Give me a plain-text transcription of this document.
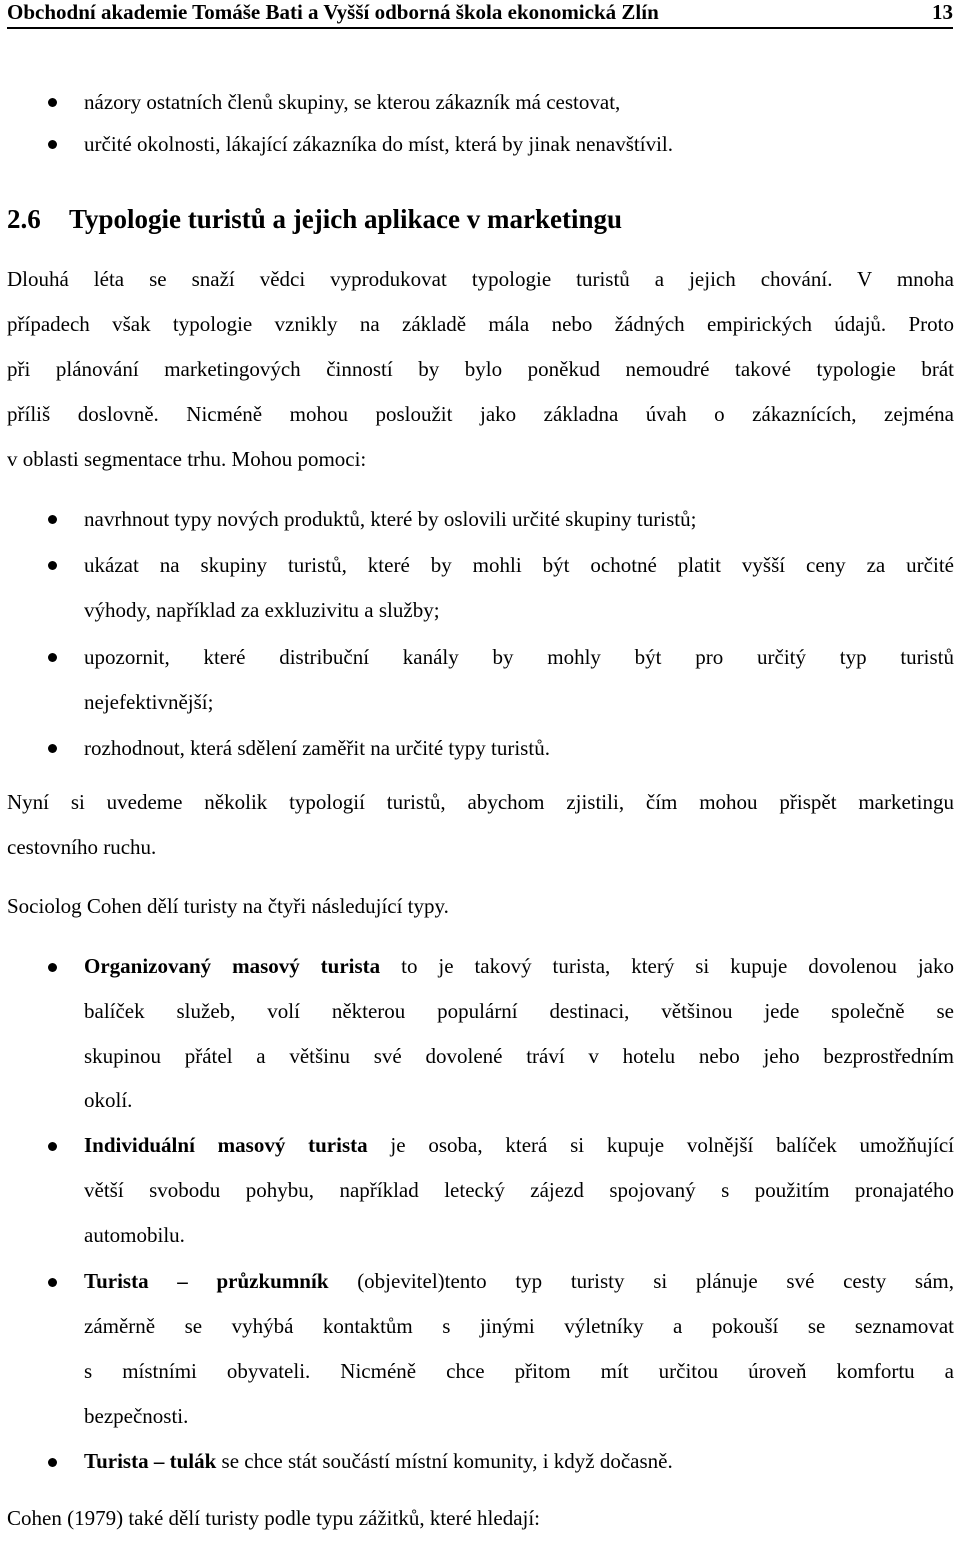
Obchodní akademie Tomáše Bati a Vyšší odborná škola ekonomická Zlín	13

názory ostatních členů skupiny, se kterou zákazník má cestovat,

určité okolnosti, lákající zákazníka do míst, která by jinak nenavštívil.

2.6 Typologie turistů a jejich aplikace v marketingu

Dlouhá léta se snaží vědci vyprodukovat typologie turistů a jejich chování. V mnoha

případech však typologie vznikly na základě mála nebo žádných empirických údajů. Proto

při plánování marketingových činností by bylo poněkud nemoudré takové typologie brát

příliš doslovně. Nicméně mohou posloužit jako základna úvah o zákaznících, zejména

v oblasti segmentace trhu. Mohou pomoci:

navrhnout typy nových produktů, které by oslovili určité skupiny turistů;

ukázat na skupiny turistů, které by mohli být ochotné platit vyšší ceny za určité

výhody, například za exkluzivitu a služby;

upozornit, které distribuční kanály by mohly být pro určitý typ turistů

nejefektivnější;

rozhodnout, která sdělení zaměřit na určité typy turistů.

Nyní si uvedeme několik typologií turistů, abychom zjistili, čím mohou přispět marketingu

cestovního ruchu.

Sociolog Cohen dělí turisty na čtyři následující typy.

Organizovaný masový turista to je takový turista, který si kupuje dovolenou jako

balíček služeb, volí některou populární destinaci, většinou jede společně se

skupinou přátel a většinu své dovolené tráví v hotelu nebo jeho bezprostředním

okolí.

Individuální masový turista je osoba, která si kupuje volnější balíček umožňující

větší svobodu pohybu, například letecký zájezd spojovaný s použitím pronajatého

automobilu.

Turista – průzkumník (objevitel)tento typ turisty si plánuje své cesty sám,

záměrně se vyhýbá kontaktům s jinými výletníky a pokouší se seznamovat

s místními obyvateli. Nicméně chce přitom mít určitou úroveň komfortu a

bezpečnosti.

Turista – tulák se chce stát součástí místní komunity, i když dočasně.

Cohen (1979) také dělí turisty podle typu zážitků, které hledají:
